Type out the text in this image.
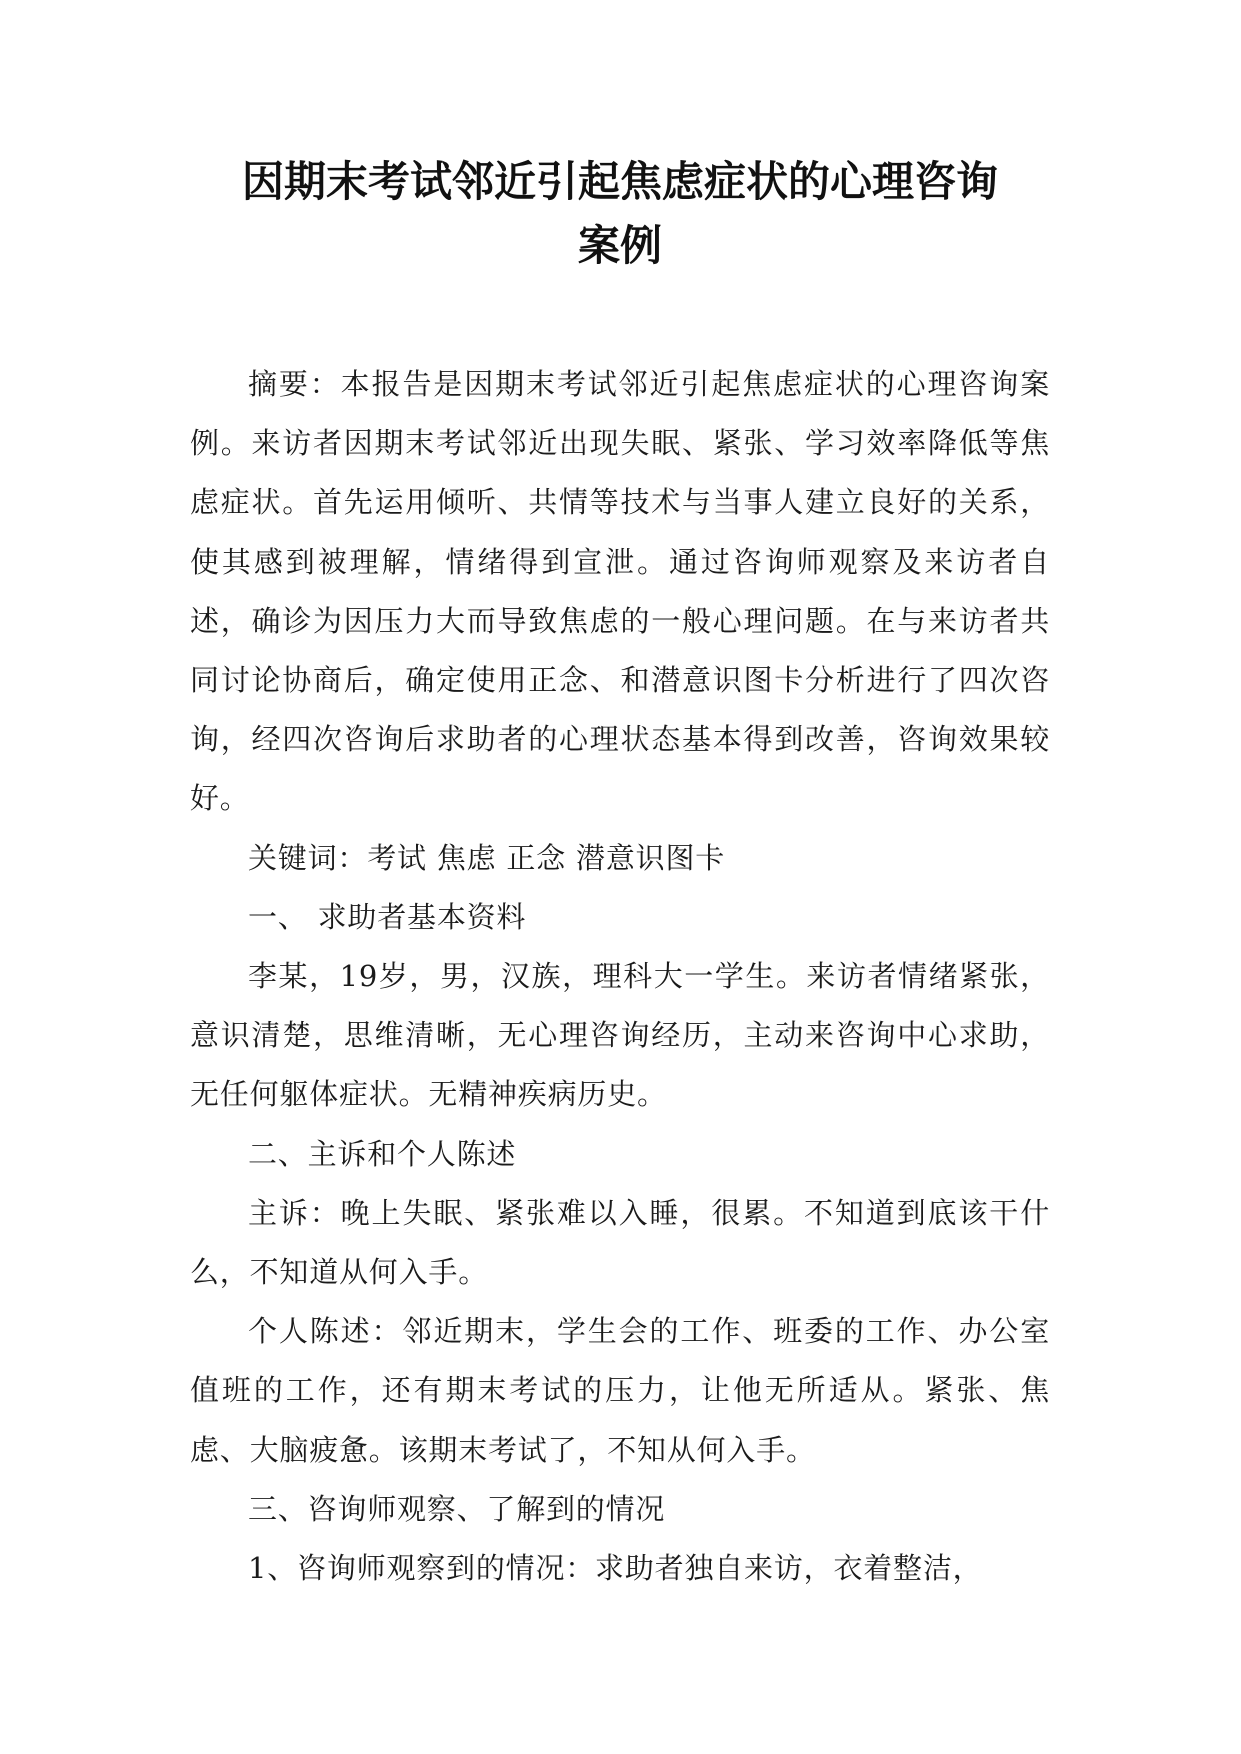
因期末考试邻近引起焦虑症状的心理咨询
案例

摘要：本报告是因期末考试邻近引起焦虑症状的心理咨询案例。来访者因期末考试邻近出现失眠、紧张、学习效率降低等焦虑症状。首先运用倾听、共情等技术与当事人建立良好的关系，使其感到被理解，情绪得到宣泄。通过咨询师观察及来访者自述，确诊为因压力大而导致焦虑的一般心理问题。在与来访者共同讨论协商后，确定使用正念、和潜意识图卡分析进行了四次咨询，经四次咨询后求助者的心理状态基本得到改善，咨询效果较好。

关键词：考试 焦虑 正念 潜意识图卡

一、 求助者基本资料

李某，19岁，男，汉族，理科大一学生。来访者情绪紧张，意识清楚，思维清晰，无心理咨询经历，主动来咨询中心求助，无任何躯体症状。无精神疾病历史。

二、主诉和个人陈述

主诉：晚上失眠、紧张难以入睡，很累。不知道到底该干什么，不知道从何入手。

个人陈述：邻近期末，学生会的工作、班委的工作、办公室值班的工作，还有期末考试的压力，让他无所适从。紧张、焦虑、大脑疲惫。该期末考试了，不知从何入手。

三、咨询师观察、了解到的情况

1、咨询师观察到的情况：求助者独自来访，衣着整洁，
